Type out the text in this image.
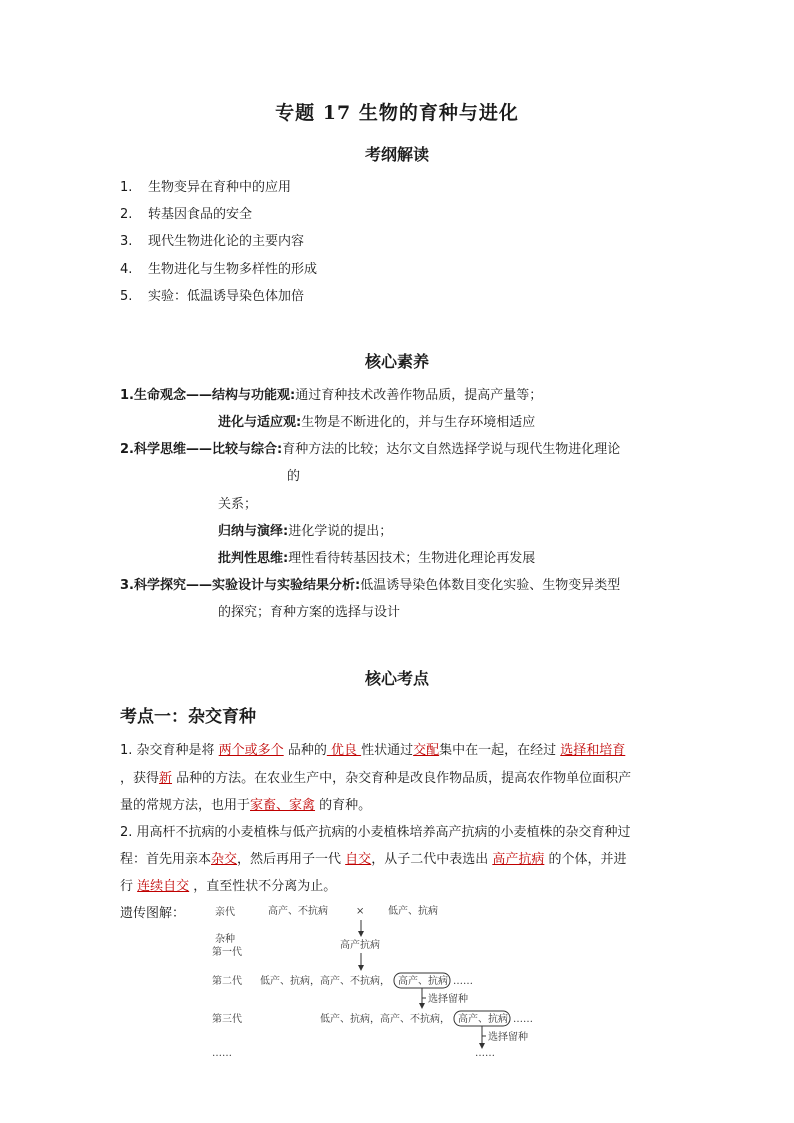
专题 17 生物的育种与进化
考纲解读
1. 生物变异在育种中的应用
2. 转基因食品的安全
3. 现代生物进化论的主要内容
4. 生物进化与生物多样性的形成
5. 实验：低温诱导染色体加倍
核心素养
1.生命观念——结构与功能观:通过育种技术改善作物品质，提高产量等；
进化与适应观:生物是不断进化的，并与生存环境相适应
2.科学思维——比较与综合:育种方法的比较；达尔文自然选择学说与现代生物进化理论
的
关系；
归纳与演绎:进化学说的提出；
批判性思维:理性看待转基因技术；生物进化理论再发展
3.科学探究——实验设计与实验结果分析:低温诱导染色体数目变化实验、生物变异类型
的探究；育种方案的选择与设计
核心考点
考点一：杂交育种
1. 杂交育种是将 两个或多个 品种的 优良 性状通过交配集中在一起，在经过 选择和培育
，获得新 品种的方法。在农业生产中，杂交育种是改良作物品质，提高农作物单位面积产
量的常规方法，也用于家畜、家禽 的育种。
2. 用高杆不抗病的小麦植株与低产抗病的小麦植株培养高产抗病的小麦植株的杂交育种过
程：首先用亲本杂交，然后再用子一代 自交，从子二代中表选出 高产抗病 的个体，并进
行 连续自交 ，直至性状不分离为止。
遗传图解：	亲代	高产、不抗病	× 低产、抗病
杂种
第一代
高产抗病
第二代 低产、抗病，高产、不抗病， 高产、抗病 ……
选择留种
第三代	低产、抗病，高产、不抗病， 高产、抗病 ……
选择留种
……	……
